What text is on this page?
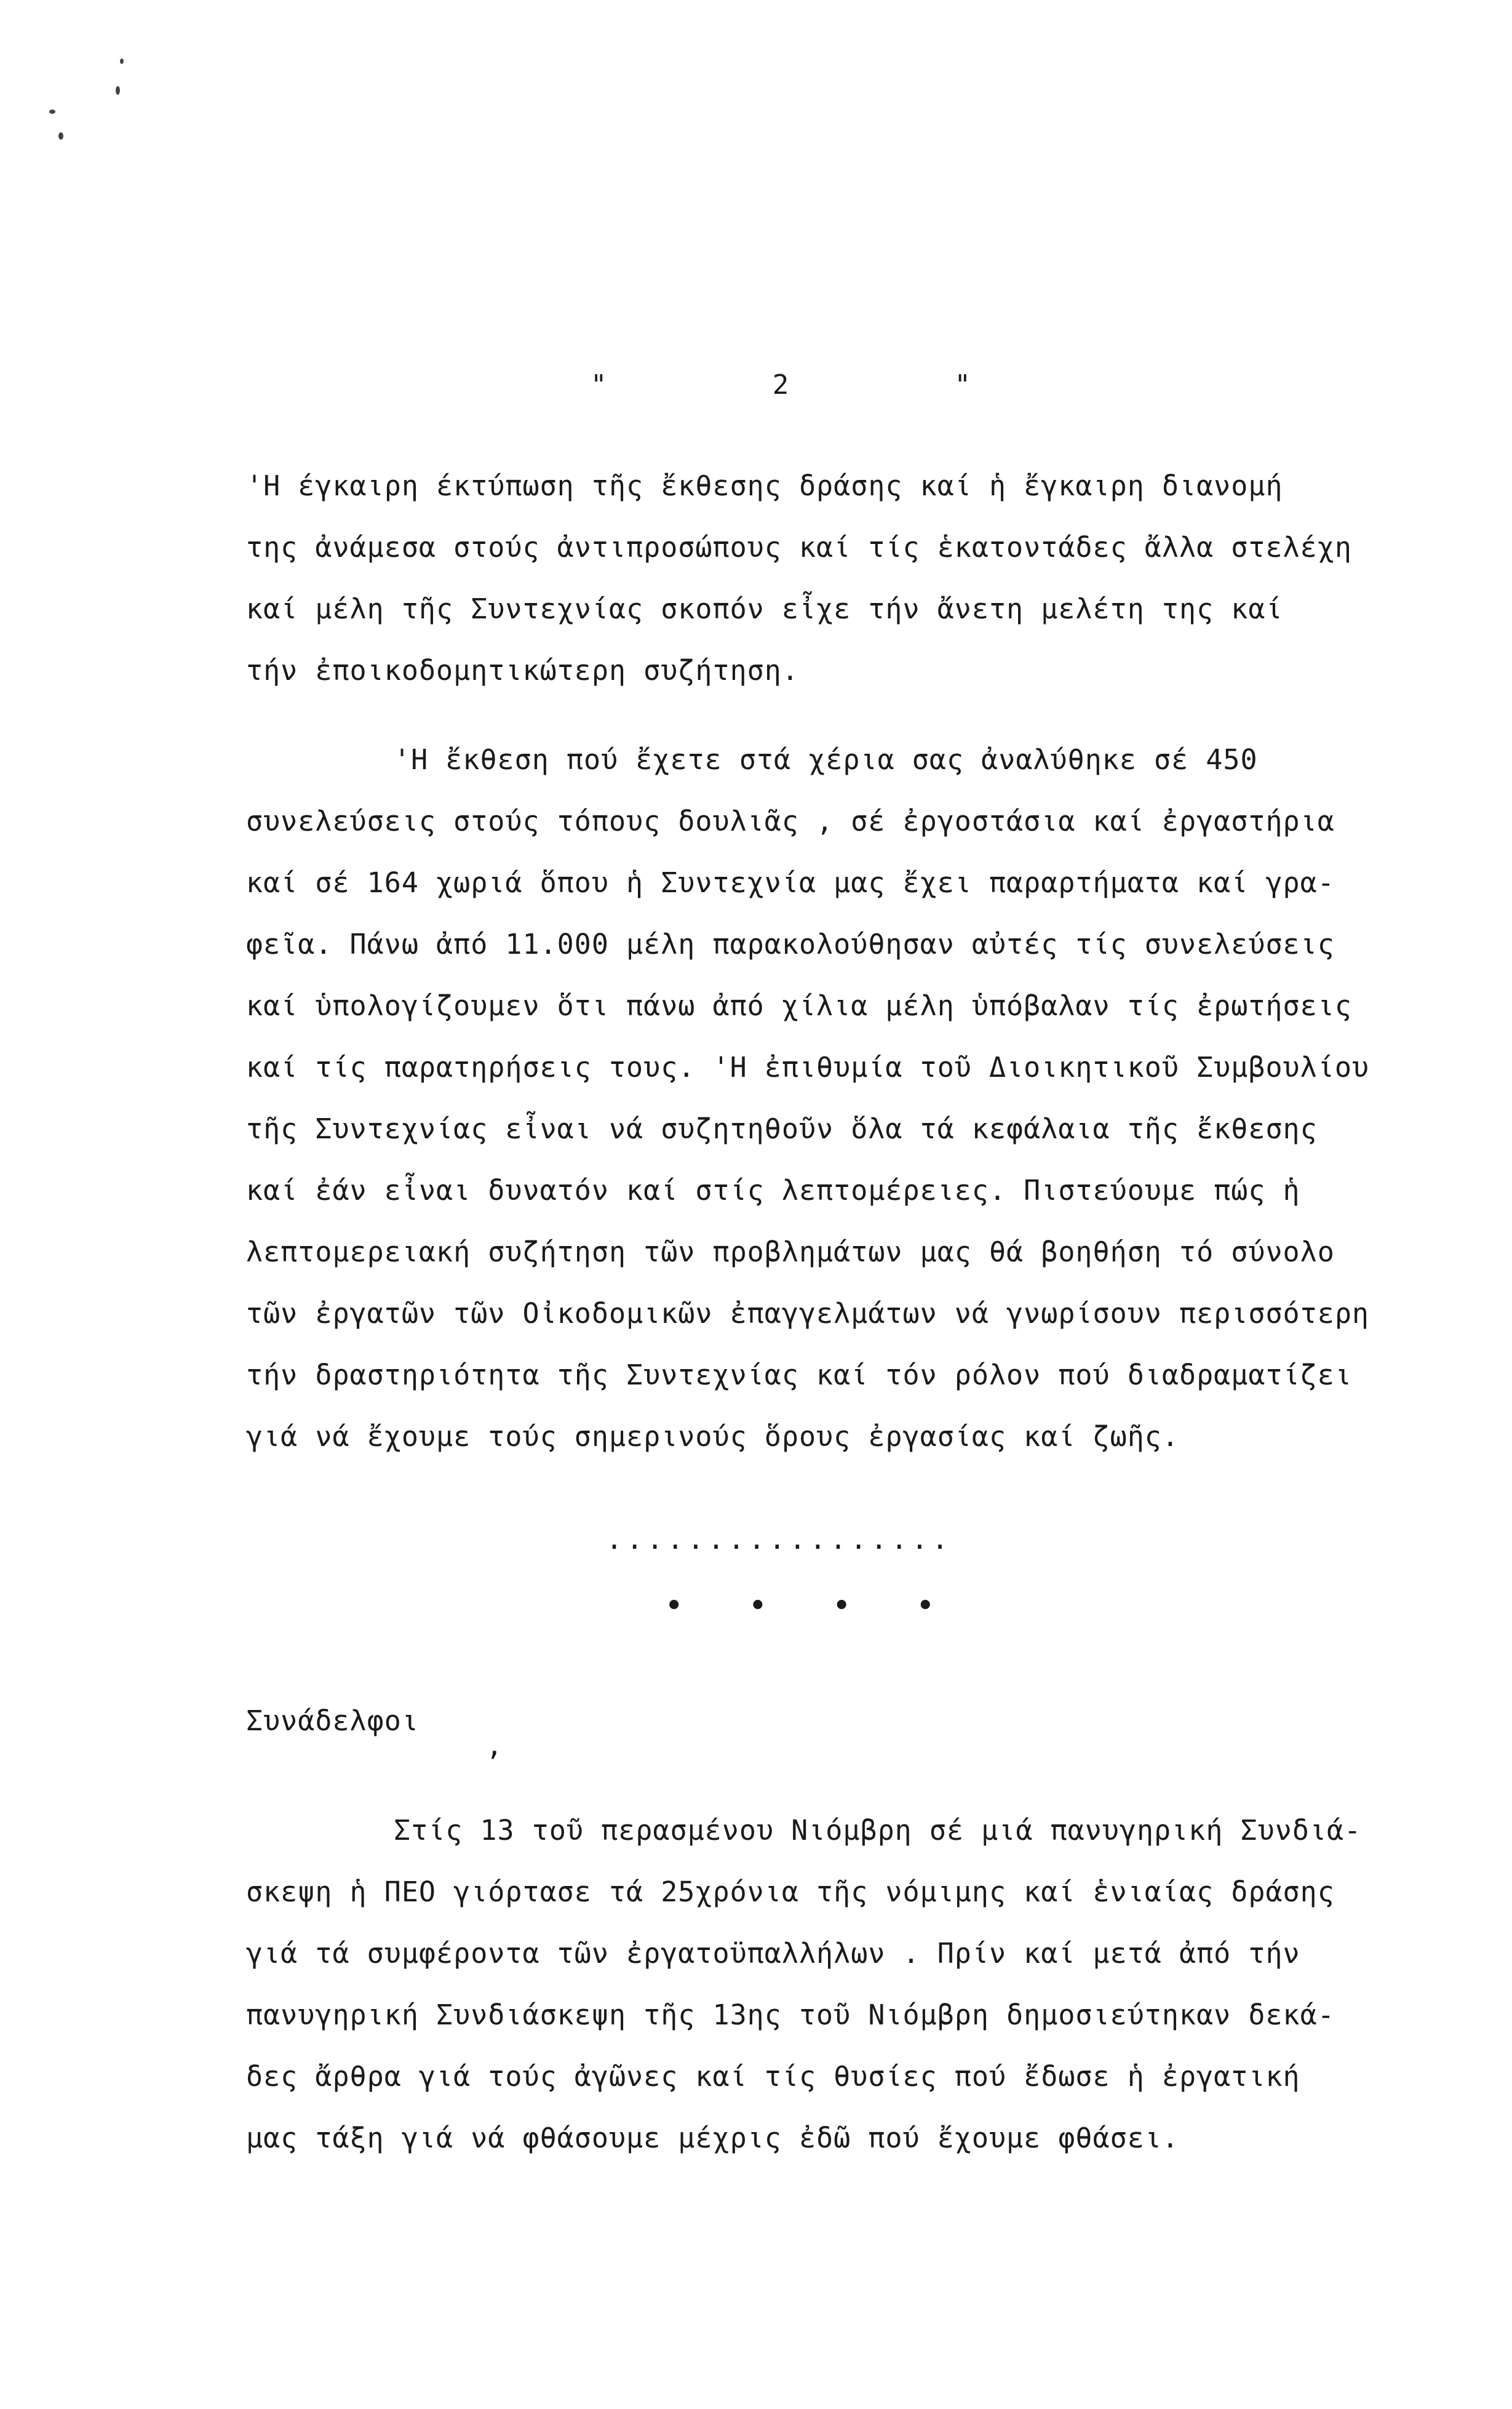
"	2	"
'Η έγκαιρη έκτύπωση τῆς ἔκθεσης δράσης καί ἡ ἔγκαιρη διανομή
της ἀνάμεσα στούς ἀντιπροσώπους καί τίς ἑκατοντάδες ἄλλα στελέχη
καί μέλη τῆς Συντεχνίας σκοπόν εἶχε τήν ἄνετη μελέτη της καί
τήν ἐποικοδομητικώτερη συζήτηση.
'Η ἔκθεση πού ἔχετε στά χέρια σας ἀναλύθηκε σέ 450
συνελεύσεις στούς τόπους δουλιᾶς , σέ ἐργοστάσια καί ἐργαστήρια
καί σέ 164 χωριά ὅπου ἡ Συντεχνία μας ἔχει παραρτήματα καί γρα-
φεῖα. Πάνω ἀπό 11.000 μέλη παρακολούθησαν αὐτές τίς συνελεύσεις
καί ὑπολογίζουμεν ὅτι πάνω ἀπό χίλια μέλη ὑπόβαλαν τίς ἐρωτήσεις
καί τίς παρατηρήσεις τους. 'Η ἐπιθυμία τοῦ Διοικητικοῦ Συμβουλίου
τῆς Συντεχνίας εἶναι νά συζητηθοῦν ὅλα τά κεφάλαια τῆς ἔκθεσης
καί ἐάν εἶναι δυνατόν καί στίς λεπτομέρειες. Πιστεύουμε πώς ἡ
λεπτομερειακή συζήτηση τῶν προβλημάτων μας θά βοηθήση τό σύνολο
τῶν ἐργατῶν τῶν Οἰκοδομικῶν ἐπαγγελμάτων νά γνωρίσουν περισσότερη
τήν δραστηριότητα τῆς Συντεχνίας καί τόν ρόλον πού διαδραματίζει
γιά νά ἔχουμε τούς σημερινούς ὅρους ἐργασίας καί ζωῆς.
.................
• • • •
Συνάδελφοι
,
Στίς 13 τοῦ περασμένου Νιόμβρη σέ μιά πανυγηρική Συνδιά-
σκεψη ἡ ΠΕΟ γιόρτασε τά 25χρόνια τῆς νόμιμης καί ἑνιαίας δράσης
γιά τά συμφέροντα τῶν ἐργατοϋπαλλήλων . Πρίν καί μετά ἀπό τήν
πανυγηρική Συνδιάσκεψη τῆς 13ης τοῦ Νιόμβρη δημοσιεύτηκαν δεκά-
δες ἄρθρα γιά τούς ἀγῶνες καί τίς θυσίες πού ἔδωσε ἡ ἐργατική
μας τάξη γιά νά φθάσουμε μέχρις ἐδῶ πού ἔχουμε φθάσει.
